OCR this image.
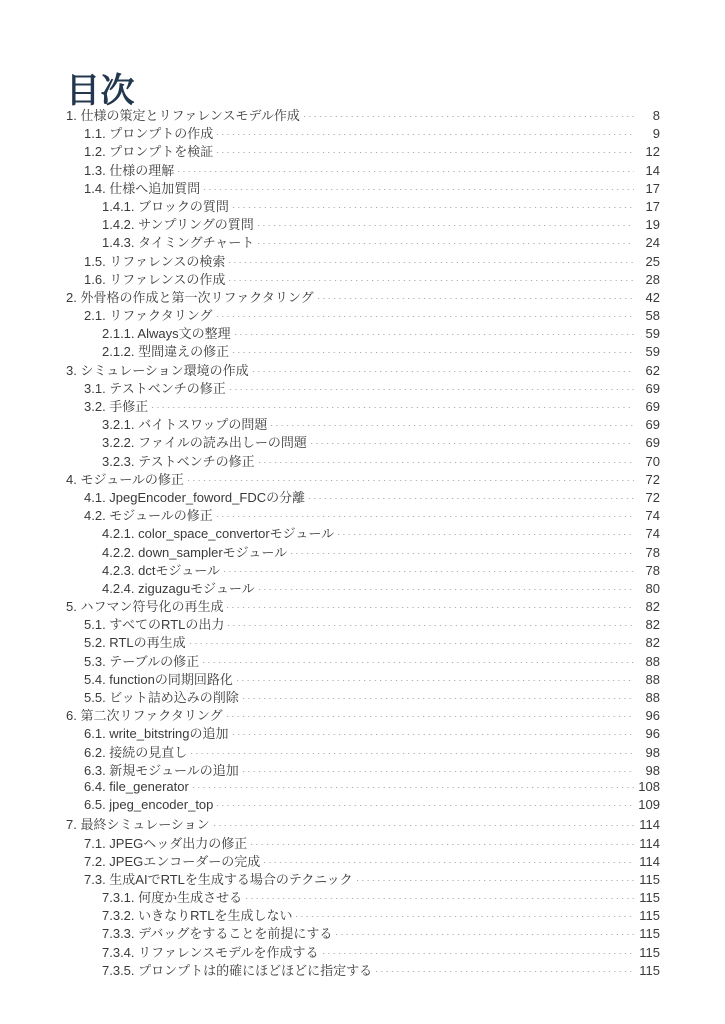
目次
1. 仕様の策定とリファレンスモデル作成	8
1.1. プロンプトの作成	9
1.2. プロンプトを検証	12
1.3. 仕様の理解	14
1.4. 仕様へ追加質問	17
1.4.1. ブロックの質問	17
1.4.2. サンプリングの質問	19
1.4.3. タイミングチャート	24
1.5. リファレンスの検索	25
1.6. リファレンスの作成	28
2. 外骨格の作成と第一次リファクタリング	42
2.1. リファクタリング	58
2.1.1. Always文の整理	59
2.1.2. 型間違えの修正	59
3. シミュレーション環境の作成	62
3.1. テストベンチの修正	69
3.2. 手修正	69
3.2.1. バイトスワップの問題	69
3.2.2. ファイルの読み出しーの問題	69
3.2.3. テストベンチの修正	70
4. モジュールの修正	72
4.1. JpegEncoder_foword_FDCの分離	72
4.2. モジュールの修正	74
4.2.1. color_space_convertorモジュール	74
4.2.2. down_samplerモジュール	78
4.2.3. dctモジュール	78
4.2.4. ziguzaguモジュール	80
5. ハフマン符号化の再生成	82
5.1. すべてのRTLの出力	82
5.2. RTLの再生成	82
5.3. テーブルの修正	88
5.4. functionの同期回路化	88
5.5. ビット詰め込みの削除	88
6. 第二次リファクタリング	96
6.1. write_bitstringの追加	96
6.2. 接続の見直し	98
6.3. 新規モジュールの追加	98
6.4. file_generator	108
6.5. jpeg_encoder_top	109
7. 最終シミュレーション	114
7.1. JPEGヘッダ出力の修正	114
7.2. JPEGエンコーダーの完成	114
7.3. 生成AIでRTLを生成する場合のテクニック	115
7.3.1. 何度か生成させる	115
7.3.2. いきなりRTLを生成しない	115
7.3.3. デバッグをすることを前提にする	115
7.3.4. リファレンスモデルを作成する	115
7.3.5. プロンプトは的確にほどほどに指定する	115
